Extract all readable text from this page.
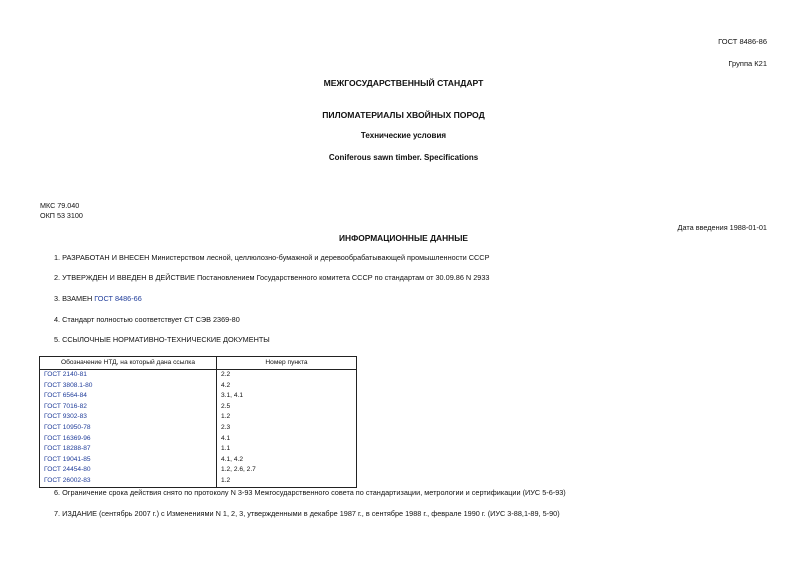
ГОСТ 8486-86
Группа К21
МЕЖГОСУДАРСТВЕННЫЙ СТАНДАРТ
ПИЛОМАТЕРИАЛЫ ХВОЙНЫХ ПОРОД
Технические условия
Coniferous sawn timber. Specifications
МКС 79.040
ОКП 53 3100
Дата введения 1988-01-01
ИНФОРМАЦИОННЫЕ ДАННЫЕ
1. РАЗРАБОТАН И ВНЕСЕН Министерством лесной, целлюлозно-бумажной и деревообрабатывающей промышленности СССР
2. УТВЕРЖДЕН И ВВЕДЕН В ДЕЙСТВИЕ Постановлением Государственного комитета СССР по стандартам от 30.09.86 N 2933
3. ВЗАМЕН ГОСТ 8486-66
4. Стандарт полностью соответствует СТ СЭВ 2369-80
5. ССЫЛОЧНЫЕ НОРМАТИВНО-ТЕХНИЧЕСКИЕ ДОКУМЕНТЫ
Обозначение НТД, на который дана ссылка	Номер пункта
ГОСТ 2140-81	2.2
ГОСТ 3808.1-80	4.2
ГОСТ 6564-84	3.1, 4.1
ГОСТ 7016-82	2.5
ГОСТ 9302-83	1.2
ГОСТ 10950-78	2.3
ГОСТ 16369-96	4.1
ГОСТ 18288-87	1.1
ГОСТ 19041-85	4.1, 4.2
ГОСТ 24454-80	1.2, 2.6, 2.7
ГОСТ 26002-83	1.2
6. Ограничение срока действия снято по протоколу N 3-93 Межгосударственного совета по стандартизации, метрологии и сертификации (ИУС 5-6-93)
7. ИЗДАНИЕ (сентябрь 2007 г.) с Изменениями N 1, 2, 3, утвержденными в декабре 1987 г., в сентябре 1988 г., феврале 1990 г. (ИУС 3-88,1-89, 5-90)
